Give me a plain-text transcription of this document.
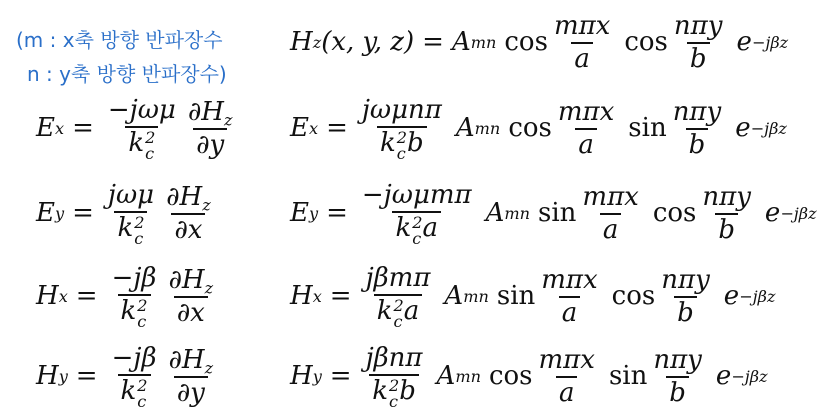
(m : x축 방향 반파장수
n : y축 방향 반파장수)
H z (x, y, z) = A mn $\cos \frac{\text{mπx}}{a}$ $\cos \frac{\text{nπy}}{b}$ e −jβz
E x = −jωμ
k 2
c $\frac{\partial H_z}{\partial y}$
E y = jωμ
k 2
c $\frac{\partial H_z}{\partial x}$
H x = −jβ
k 2
c $\frac{\partial H_z}{\partial x}$
H y = −jβ
k 2
c $\frac{\partial H_z}{\partial y}$
E x = jωμnπ
k 2
c b A mn $\cos \frac{\text{mπx}}{a}$ $\sin \frac{\text{nπy}}{b}$ e −jβz
E y = −jωμmπ
k 2
c a A mn $\sin \frac{\text{mπx}}{a}$ $\cos \frac{\text{nπy}}{b}$ e −jβz
H x = jβmπ
k 2
c a A mn $\sin \frac{\text{mπx}}{a}$ $\cos \frac{\text{nπy}}{b}$ e −jβz
H y = jβnπ
k 2
c b A mn $\cos \frac{\text{mπx}}{a}$ $\sin \frac{\text{nπy}}{b}$ e −jβz
